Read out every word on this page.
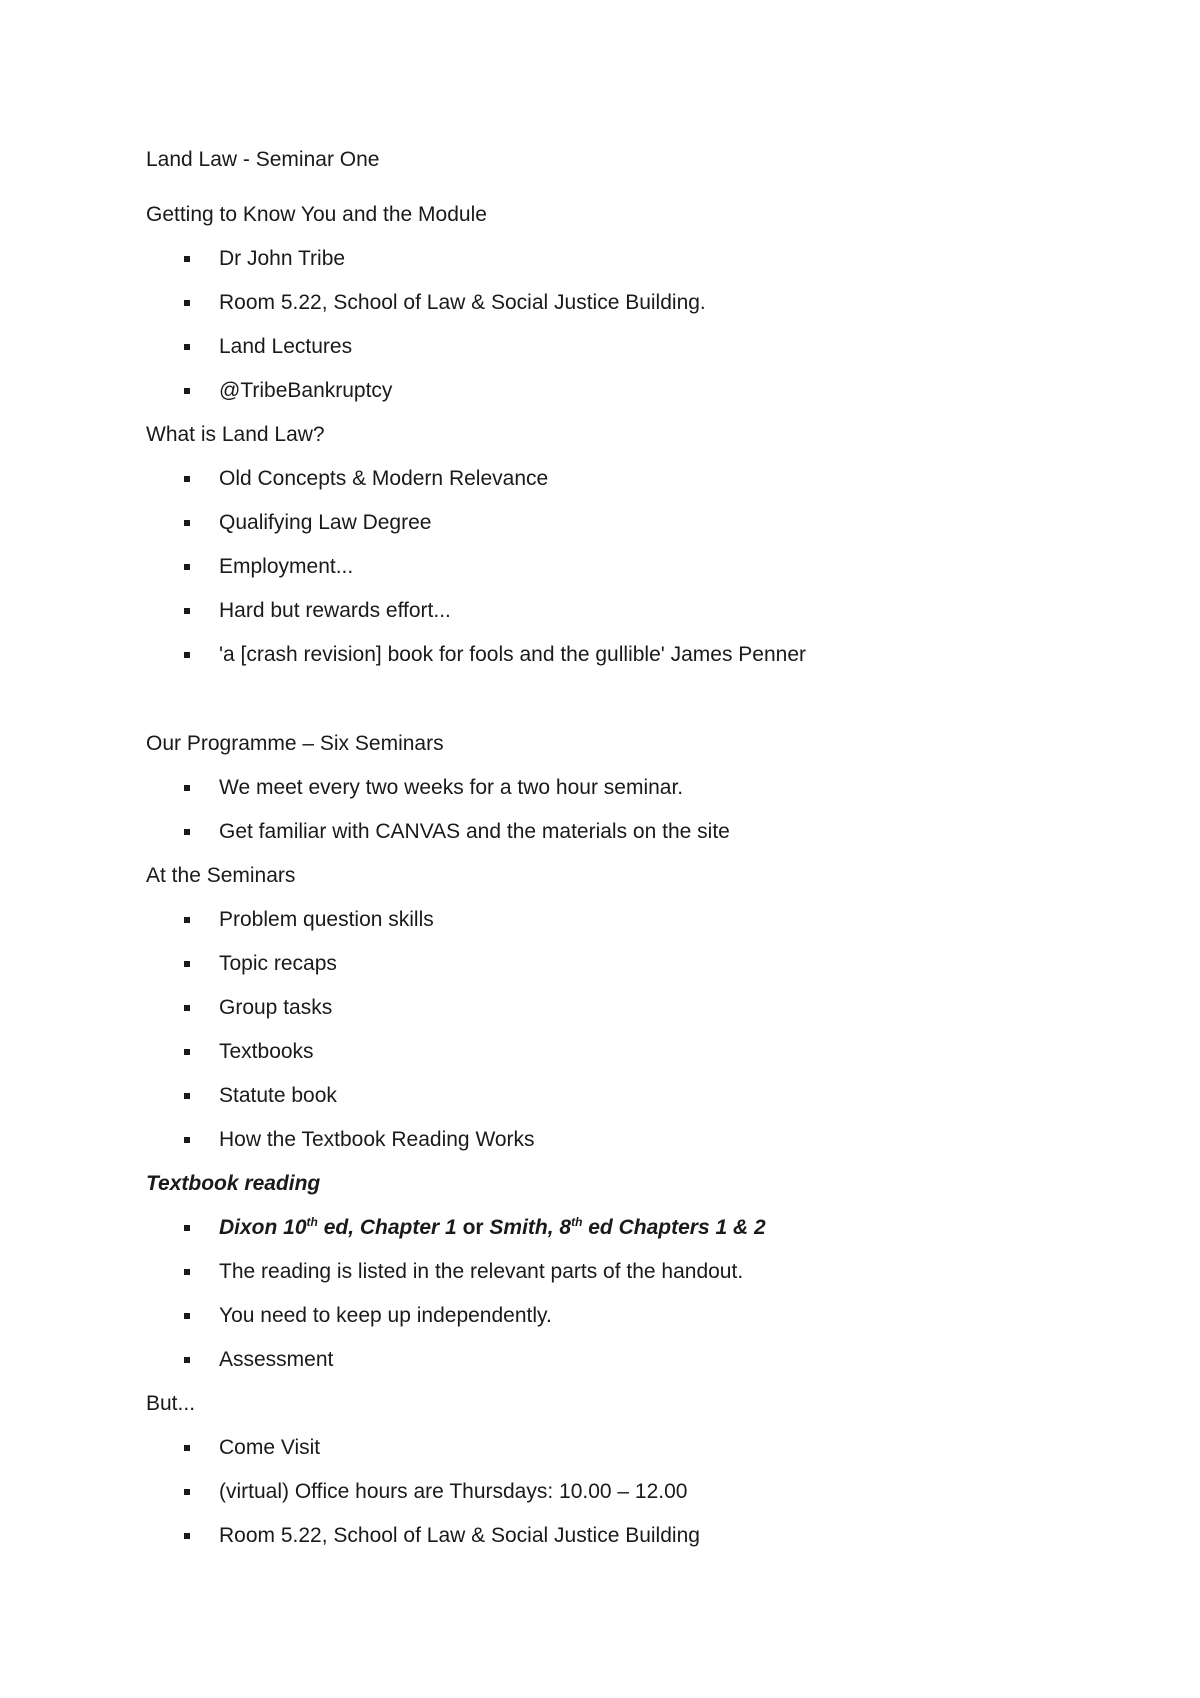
Land Law - Seminar One
Getting to Know You and the Module
Dr John Tribe
Room 5.22, School of Law & Social Justice Building.
Land Lectures
@TribeBankruptcy
What is Land Law?
Old Concepts & Modern Relevance
Qualifying Law Degree
Employment...
Hard but rewards effort...
'a [crash revision] book for fools and the gullible' James Penner
Our Programme – Six Seminars
We meet every two weeks for a two hour seminar.
Get familiar with CANVAS and the materials on the site
At the Seminars
Problem question skills
Topic recaps
Group tasks
Textbooks
Statute book
How the Textbook Reading Works
Textbook reading
Dixon 10th ed, Chapter 1 or Smith, 8th ed Chapters 1 & 2
The reading is listed in the relevant parts of the handout.
You need to keep up independently.
Assessment
But...
Come Visit
(virtual) Office hours are Thursdays: 10.00 – 12.00
Room 5.22, School of Law & Social Justice Building
